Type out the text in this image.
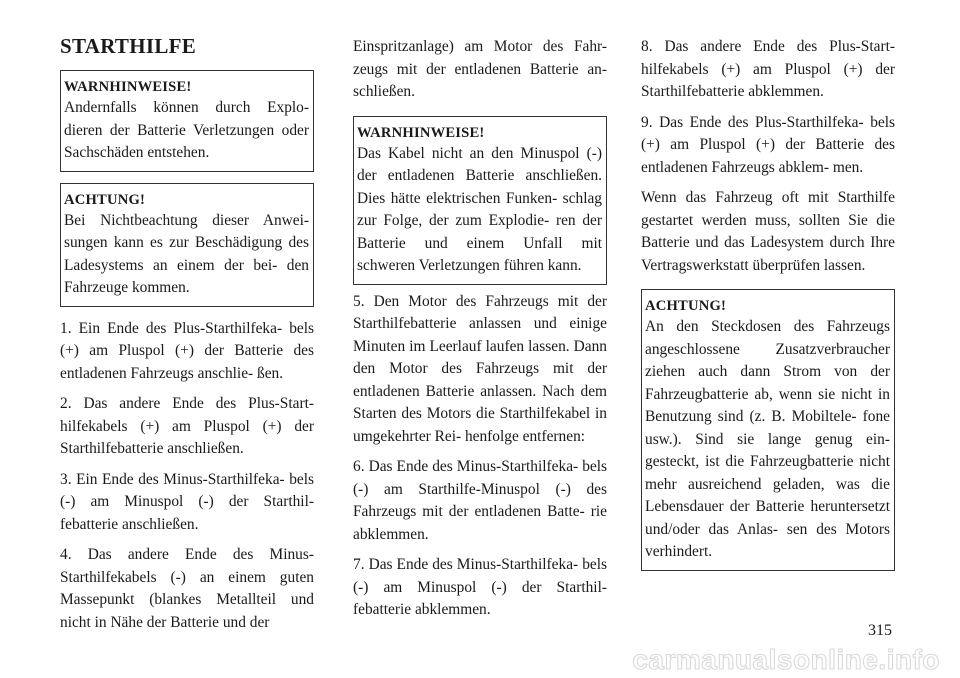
STARTHILFE

WARNHINWEISE!

Andernfalls können durch Explo- dieren der Batterie Verletzungen oder Sachschäden entstehen.

ACHTUNG!

Bei Nichtbeachtung dieser Anwei- sungen kann es zur Beschädigung des Ladesystems an einem der bei- den Fahrzeuge kommen.

1. Ein Ende des Plus-Starthilfeka- bels (+) am Pluspol (+) der Batterie des entladenen Fahrzeugs anschlie- ßen.

2. Das andere Ende des Plus-Start- hilfekabels (+) am Pluspol (+) der Starthilfebatterie anschließen.

3. Ein Ende des Minus-Starthilfeka- bels (-) am Minuspol (-) der Starthil- febatterie anschließen.

4. Das andere Ende des Minus- Starthilfekabels (-) an einem guten Massepunkt (blankes Metallteil und nicht in Nähe der Batterie und der

Einspritzanlage) am Motor des Fahr- zeugs mit der entladenen Batterie an- schließen.

WARNHINWEISE!

Das Kabel nicht an den Minuspol (-) der entladenen Batterie anschließen. Dies hätte elektrischen Funken- schlag zur Folge, der zum Explodie- ren der Batterie und einem Unfall mit schweren Verletzungen führen kann.

5. Den Motor des Fahrzeugs mit der Starthilfebatterie anlassen und einige Minuten im Leerlauf laufen lassen. Dann den Motor des Fahrzeugs mit der entladenen Batterie anlassen. Nach dem Starten des Motors die Starthilfekabel in umgekehrter Rei- henfolge entfernen:

6. Das Ende des Minus-Starthilfeka- bels (-) am Starthilfe-Minuspol (-) des Fahrzeugs mit der entladenen Batte- rie abklemmen.

7. Das Ende des Minus-Starthilfeka- bels (-) am Minuspol (-) der Starthil- febatterie abklemmen.

8. Das andere Ende des Plus-Start- hilfekabels (+) am Pluspol (+) der Starthilfebatterie abklemmen.

9. Das Ende des Plus-Starthilfeka- bels (+) am Pluspol (+) der Batterie des entladenen Fahrzeugs abklem- men.

Wenn das Fahrzeug oft mit Starthilfe gestartet werden muss, sollten Sie die Batterie und das Ladesystem durch Ihre Vertragswerkstatt überprüfen lassen.

ACHTUNG!

An den Steckdosen des Fahrzeugs angeschlossene Zusatzverbraucher ziehen auch dann Strom von der Fahrzeugbatterie ab, wenn sie nicht in Benutzung sind (z. B. Mobiltele- fone usw.). Sind sie lange genug ein- gesteckt, ist die Fahrzeugbatterie nicht mehr ausreichend geladen, was die Lebensdauer der Batterie heruntersetzt und/oder das Anlas- sen des Motors verhindert.

315
carmanualsonline.info
